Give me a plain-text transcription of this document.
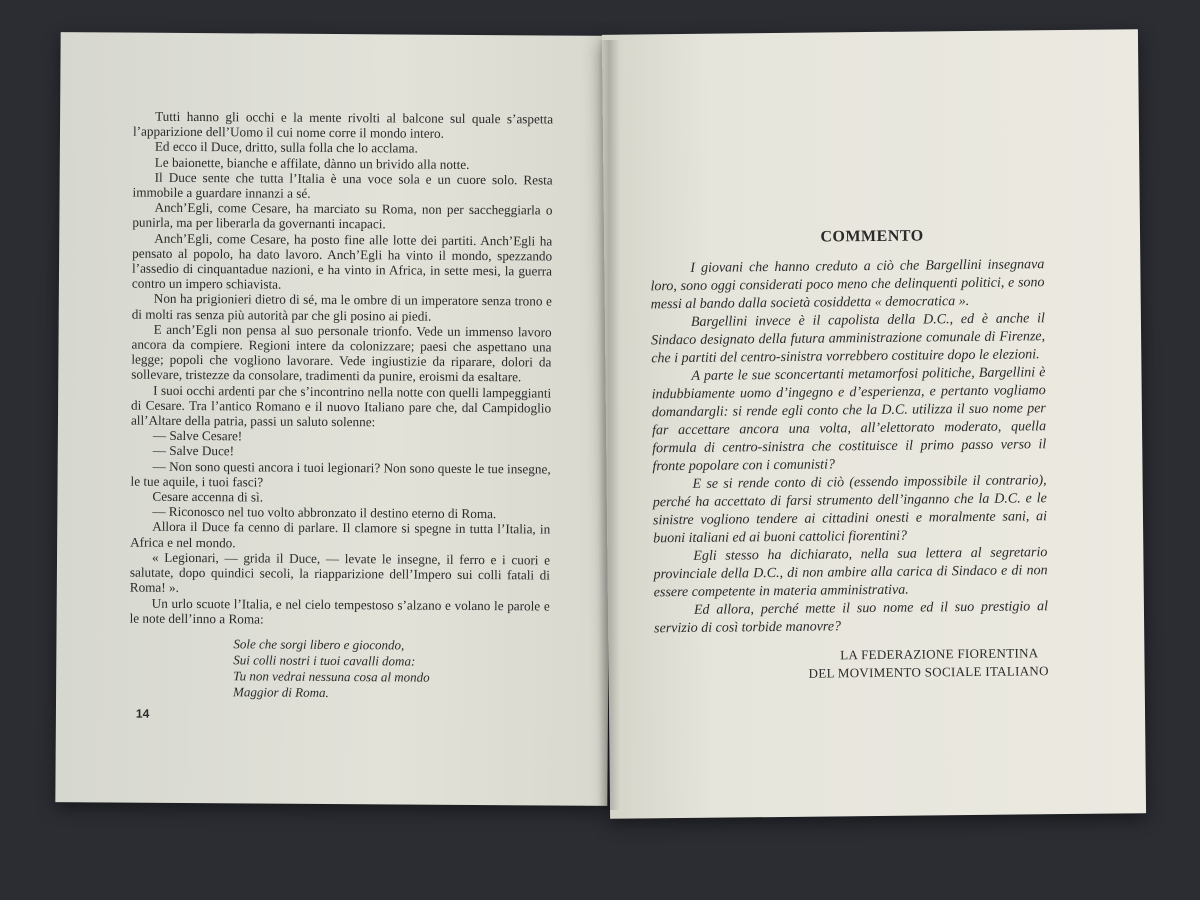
Tutti hanno gli occhi e la mente rivolti al balcone sul quale s’aspetta l’apparizione dell’Uomo il cui nome corre il mondo intero.

Ed ecco il Duce, dritto, sulla folla che lo acclama.

Le baionette, bianche e affilate, dànno un brivido alla notte.

Il Duce sente che tutta l’Italia è una voce sola e un cuore solo. Resta immobile a guardare innanzi a sé.

Anch’Egli, come Cesare, ha marciato su Roma, non per saccheggiarla o punirla, ma per liberarla da governanti incapaci.

Anch’Egli, come Cesare, ha posto fine alle lotte dei partiti. Anch’Egli ha pensato al popolo, ha dato lavoro. Anch’Egli ha vinto il mondo, spezzando l’assedio di cinquantadue nazioni, e ha vinto in Africa, in sette mesi, la guerra contro un impero schiavista.

Non ha prigionieri dietro di sé, ma le ombre di un imperatore senza trono e di molti ras senza più autorità par che gli posino ai piedi.

E anch’Egli non pensa al suo personale trionfo. Vede un immenso lavoro ancora da compiere. Regioni intere da colonizzare; paesi che aspettano una legge; popoli che vogliono lavorare. Vede ingiustizie da riparare, dolori da sollevare, tristezze da consolare, tradimenti da punire, eroismi da esaltare.

I suoi occhi ardenti par che s’incontrino nella notte con quelli lampeggianti di Cesare. Tra l’antico Romano e il nuovo Italiano pare che, dal Campidoglio all’Altare della patria, passi un saluto solenne:

— Salve Cesare!

— Salve Duce!

— Non sono questi ancora i tuoi legionari? Non sono queste le tue insegne, le tue aquile, i tuoi fasci?

Cesare accenna di sì.

— Riconosco nel tuo volto abbronzato il destino eterno di Roma.

Allora il Duce fa cenno di parlare. Il clamore si spegne in tutta l’Italia, in Africa e nel mondo.

« Legionari, — grida il Duce, — levate le insegne, il ferro e i cuori e salutate, dopo quindici secoli, la riapparizione dell’Impero sui colli fatali di Roma! ».

Un urlo scuote l’Italia, e nel cielo tempestoso s’alzano e volano le parole e le note dell’inno a Roma:

Sole che sorgi libero e giocondo,
Sui colli nostri i tuoi cavalli doma:
Tu non vedrai nessuna cosa al mondo
Maggior di Roma.
14
COMMENTO

I giovani che hanno creduto a ciò che Bargellini insegnava loro, sono oggi considerati poco meno che delinquenti politici, e sono messi al bando dalla società cosiddetta « democratica ».

Bargellini invece è il capolista della D.C., ed è anche il Sindaco designato della futura amministrazione comunale di Firenze, che i partiti del centro-sinistra vorrebbero costituire dopo le elezioni.

A parte le sue sconcertanti metamorfosi politiche, Bargellini è indubbiamente uomo d’ingegno e d’esperienza, e pertanto vogliamo domandargli: si rende egli conto che la D.C. utilizza il suo nome per far accettare ancora una volta, all’elettorato moderato, quella formula di centro-sinistra che costituisce il primo passo verso il fronte popolare con i comunisti?

E se si rende conto di ciò (essendo impossibile il contrario), perché ha accettato di farsi strumento dell’inganno che la D.C. e le sinistre vogliono tendere ai cittadini onesti e moralmente sani, ai buoni italiani ed ai buoni cattolici fiorentini?

Egli stesso ha dichiarato, nella sua lettera al segretario provinciale della D.C., di non ambire alla carica di Sindaco e di non essere competente in materia amministrativa.

Ed allora, perché mette il suo nome ed il suo prestigio al servizio di così torbide manovre?

LA FEDERAZIONE FIORENTINA
DEL MOVIMENTO SOCIALE ITALIANO
